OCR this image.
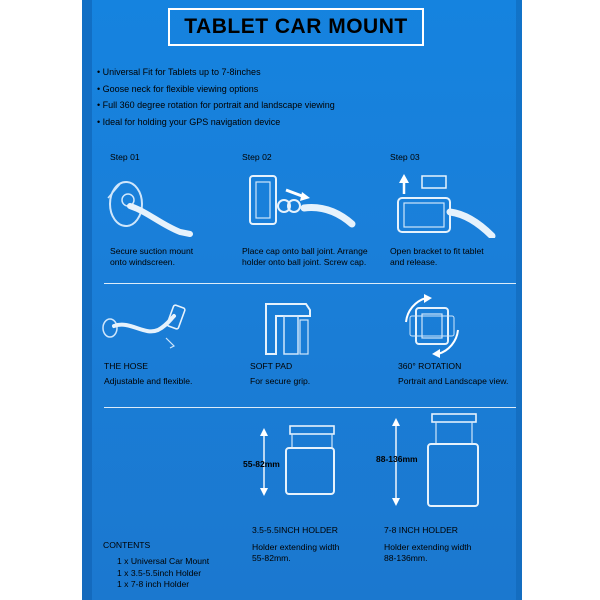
TABLET CAR MOUNT
• Universal Fit for Tablets up to 7-8inches
• Goose neck for flexible viewing options
• Full 360 degree rotation for portrait and landscape viewing
• Ideal for holding your GPS navigation device
Step 01	Step 02	Step 03
Secure suction mount
onto windscreen.
Place cap onto ball joint. Arrange
holder onto ball joint. Screw cap.
Open bracket to fit tablet
and release.
THE HOSE	SOFT PAD	360° ROTATION
Adjustable and flexible.	For secure grip.	Portrait and Landscape view.
55-82mm	88-136mm
3.5-5.5INCH HOLDER	7-8 INCH HOLDER
Holder extending width
55-82mm.
Holder extending width
88-136mm.
CONTENTS
1 x Universal Car Mount
1 x 3.5-5.5inch Holder
1 x 7-8 inch Holder
